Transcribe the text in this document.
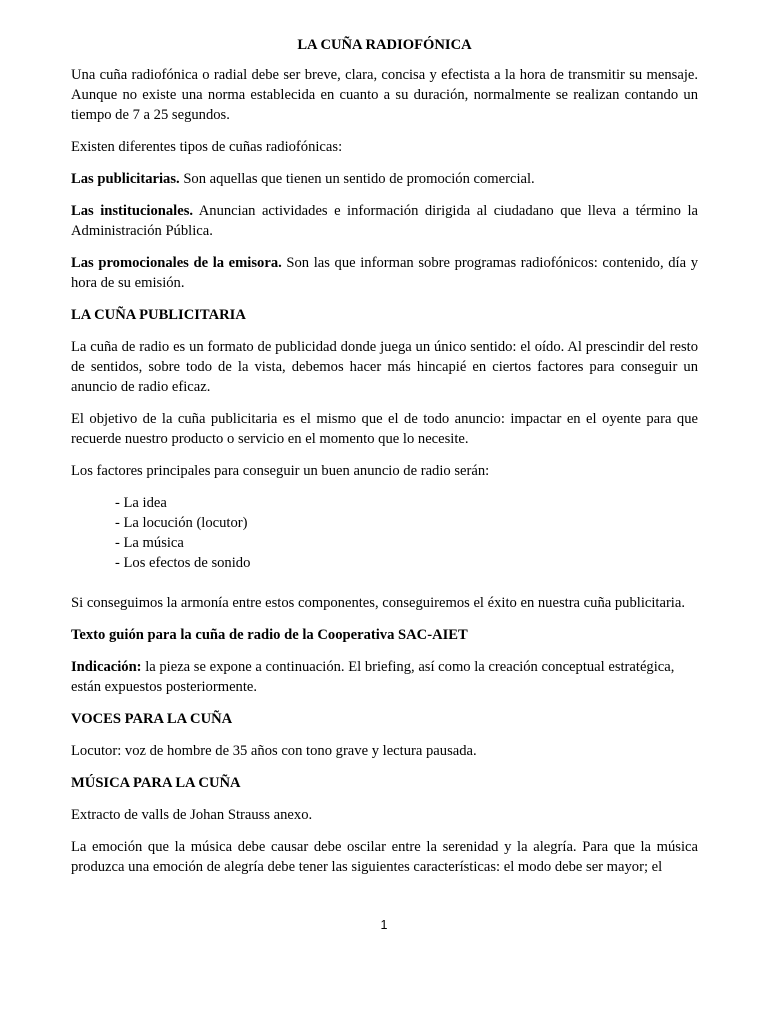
LA CUÑA RADIOFÓNICA

Una cuña radiofónica o radial debe ser breve, clara, concisa y efectista a la hora de transmitir su mensaje. Aunque no existe una norma establecida en cuanto a su duración, normalmente se realizan contando un tiempo de 7 a 25 segundos.

Existen diferentes tipos de cuñas radiofónicas:

Las publicitarias. Son aquellas que tienen un sentido de promoción comercial.

Las institucionales. Anuncian actividades e información dirigida al ciudadano que lleva a término la Administración Pública.

Las promocionales de la emisora. Son las que informan sobre programas radiofónicos: contenido, día y hora de su emisión.

LA CUÑA PUBLICITARIA

La cuña de radio es un formato de publicidad donde juega un único sentido: el oído. Al prescindir del resto de sentidos, sobre todo de la vista, debemos hacer más hincapié en ciertos factores para conseguir un anuncio de radio eficaz.

El objetivo de la cuña publicitaria es el mismo que el de todo anuncio: impactar en el oyente para que recuerde nuestro producto o servicio en el momento que lo necesite.

Los factores principales para conseguir un buen anuncio de radio serán:

- La idea
- La locución (locutor)
- La música
- Los efectos de sonido

Si conseguimos la armonía entre estos componentes, conseguiremos el éxito en nuestra cuña publicitaria.

Texto guión para la cuña de radio de la Cooperativa SAC-AIET

Indicación: la pieza se expone a continuación. El briefing, así como la creación conceptual estratégica, están expuestos posteriormente.

VOCES PARA LA CUÑA

Locutor: voz de hombre de 35 años con tono grave y lectura pausada.

MÚSICA PARA LA CUÑA

Extracto de valls de Johan Strauss anexo.

La emoción que la música debe causar debe oscilar entre la serenidad y la alegría. Para que la música produzca una emoción de alegría debe tener las siguientes características: el modo debe ser mayor; el

1
